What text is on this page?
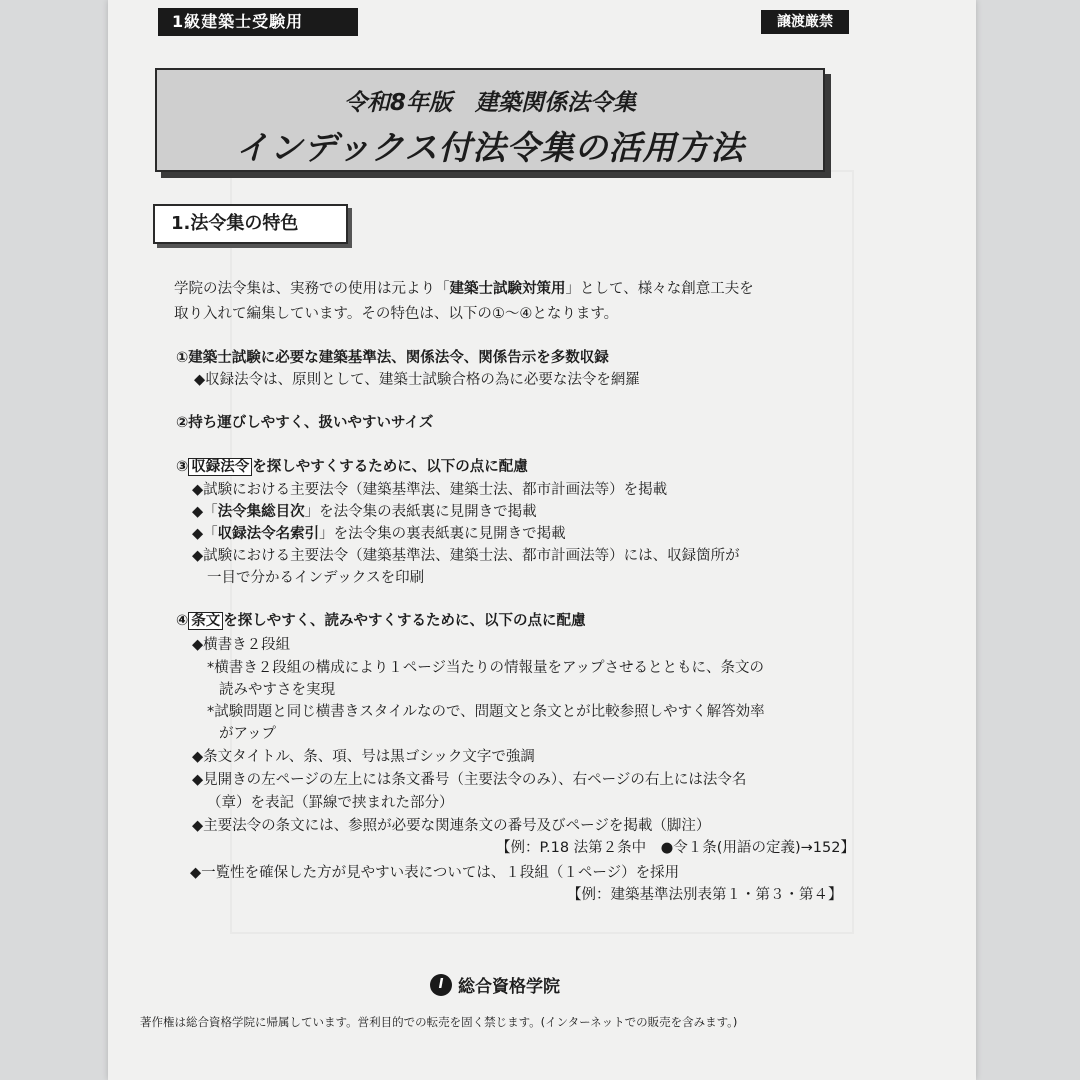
1級建築士受験用	譲渡厳禁
令和8年版　建築関係法令集
インデックス付法令集の活用方法
1.法令集の特色
学院の法令集は、実務での使用は元より「建築士試験対策用」として、様々な創意工夫を
取り入れて編集しています。その特色は、以下の①～④となります。
①建築士試験に必要な建築基準法、関係法令、関係告示を多数収録
◆収録法令は、原則として、建築士試験合格の為に必要な法令を網羅
②持ち運びしやすく、扱いやすいサイズ
③ 収録法令 を探しやすくするために、以下の点に配慮
◆試験における主要法令（建築基準法、建築士法、都市計画法等）を掲載
◆「法令集総目次」を法令集の表紙裏に見開きで掲載
◆「収録法令名索引」を法令集の裏表紙裏に見開きで掲載
◆試験における主要法令（建築基準法、建築士法、都市計画法等）には、収録箇所が
一目で分かるインデックスを印刷
④ 条文 を探しやすく、読みやすくするために、以下の点に配慮
◆横書き２段組
*横書き２段組の構成により１ページ当たりの情報量をアップさせるとともに、条文の
読みやすさを実現
*試験問題と同じ横書きスタイルなので、問題文と条文とが比較参照しやすく解答効率
がアップ
◆条文タイトル、条、項、号は黒ゴシック文字で強調
◆見開きの左ページの左上には条文番号（主要法令のみ）、右ページの右上には法令名
（章）を表記（罫線で挟まれた部分）
◆主要法令の条文には、参照が必要な関連条文の番号及びページを掲載（脚注）
【例：P.18 法第２条中　●令１条(用語の定義)→152】
◆一覧性を確保した方が見やすい表については、１段組（１ページ）を採用
【例：建築基準法別表第１・第３・第４】
I 総合資格学院
著作権は総合資格学院に帰属しています。営利目的での転売を固く禁じます。(インターネットでの販売を含みます。)
